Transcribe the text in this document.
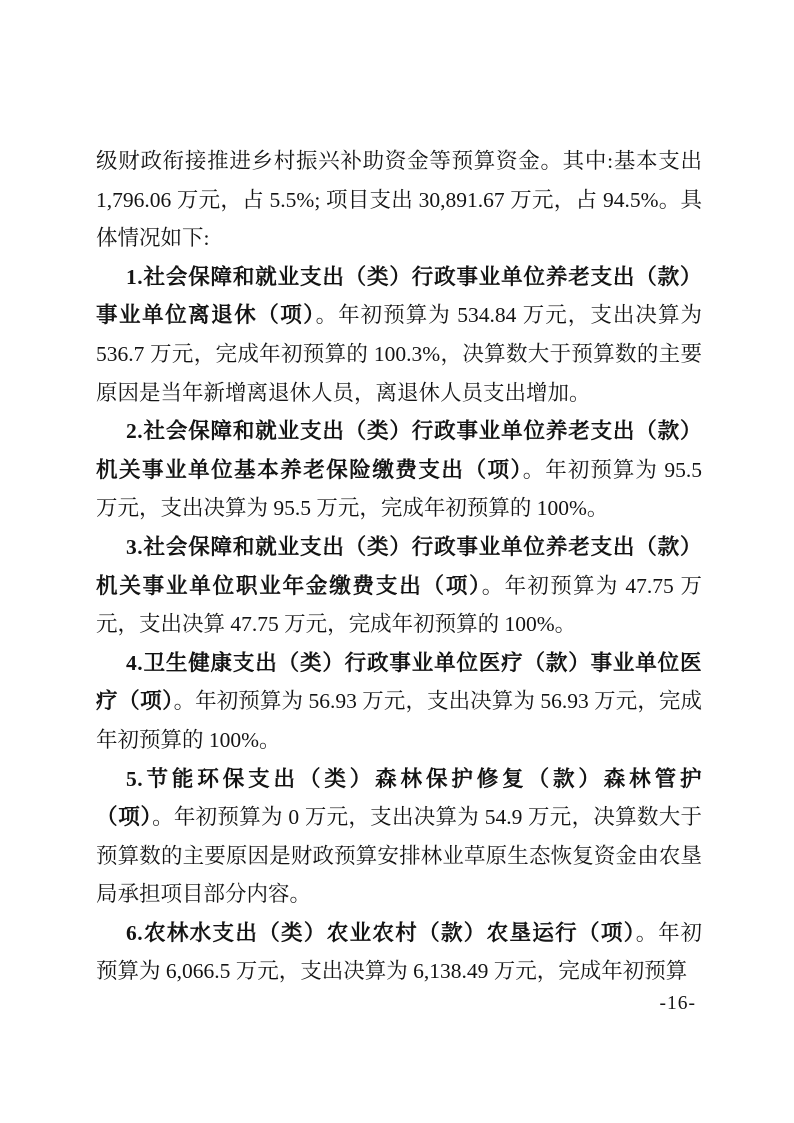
级财政衔接推进乡村振兴补助资金等预算资金。其中:基本支出 1,796.06 万元，占 5.5%; 项目支出 30,891.67 万元，占 94.5%。具体情况如下:

1.社会保障和就业支出（类）行政事业单位养老支出（款）事业单位离退休（项）。年初预算为 534.84 万元，支出决算为 536.7 万元，完成年初预算的 100.3%，决算数大于预算数的主要原因是当年新增离退休人员，离退休人员支出增加。

2.社会保障和就业支出（类）行政事业单位养老支出（款）机关事业单位基本养老保险缴费支出（项）。年初预算为 95.5 万元，支出决算为 95.5 万元，完成年初预算的 100%。

3.社会保障和就业支出（类）行政事业单位养老支出（款）机关事业单位职业年金缴费支出（项）。年初预算为 47.75 万元，支出决算 47.75 万元，完成年初预算的 100%。

4.卫生健康支出（类）行政事业单位医疗（款）事业单位医疗（项）。年初预算为 56.93 万元，支出决算为 56.93 万元，完成年初预算的 100%。

5.节能环保支出（类）森林保护修复（款）森林管护（项）。年初预算为 0 万元，支出决算为 54.9 万元，决算数大于预算数的主要原因是财政预算安排林业草原生态恢复资金由农垦局承担项目部分内容。

6.农林水支出（类）农业农村（款）农垦运行（项）。年初预算为 6,066.5 万元，支出决算为 6,138.49 万元，完成年初预算

-16-
